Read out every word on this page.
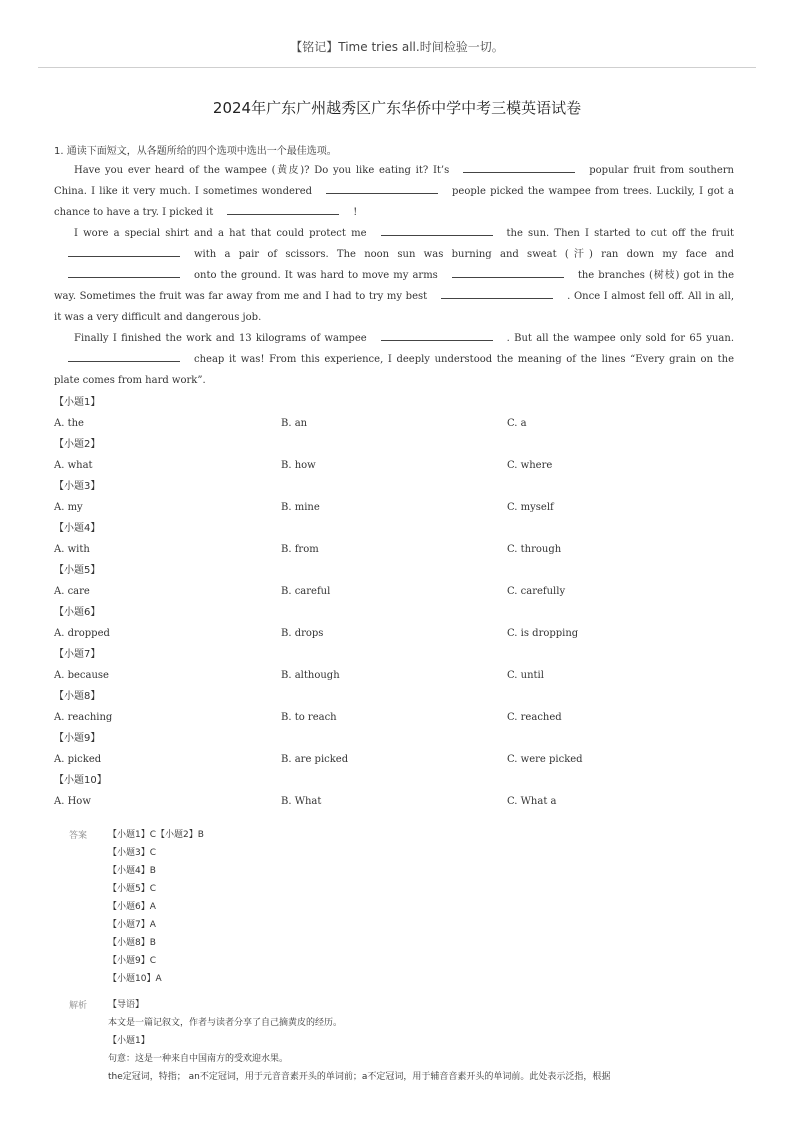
【铭记】Time tries all.时间检验一切。
2024年广东广州越秀区广东华侨中学中考三模英语试卷
1. 通读下面短文，从各题所给的四个选项中选出一个最佳选项。

Have you ever heard of the wampee (黄皮)? Do you like eating it? It’s	popular fruit from southern China. I like it very much. I sometimes wondered	people picked the wampee from trees. Luckily, I got a chance to have a try. I picked it	!

I wore a special shirt and a hat that could protect me	the sun. Then I started to cut off the fruitwith a pair of scissors. The noon sun was burning and sweat (汗) ran down my face andonto the ground. It was hard to move my arms	the branches (树枝) got in the way. Sometimes the fruit was far away from me and I had to try my best	. Once I almost fell off. All in all, it was a very difficult and dangerous job.

Finally I finished the work and 13 kilograms of wampee	. But all the wampee only sold for 65 yuan.cheap it was! From this experience, I deeply understood the meaning of the lines “Every grain on the plate comes from hard work”.

【小题1】
A. the	B. an	C. a
【小题2】
A. what	B. how	C. where
【小题3】
A. my	B. mine	C. myself
【小题4】
A. with	B. from	C. through
【小题5】
A. care	B. careful	C. carefully
【小题6】
A. dropped	B. drops	C. is dropping
【小题7】
A. because	B. although	C. until
【小题8】
A. reaching	B. to reach	C. reached
【小题9】
A. picked	B. are picked	C. were picked
【小题10】
A. How	B. What	C. What a
答案 【小题1】C【小题2】B
【小题3】C
【小题4】B
【小题5】C
【小题6】A
【小题7】A
【小题8】B
【小题9】C
【小题10】A
解析 【导语】
本文是一篇记叙文，作者与读者分享了自己摘黄皮的经历。
【小题1】
句意：这是一种来自中国南方的受欢迎水果。
the定冠词，特指； an不定冠词，用于元音音素开头的单词前；a不定冠词，用于辅音音素开头的单词前。此处表示泛指，根据
